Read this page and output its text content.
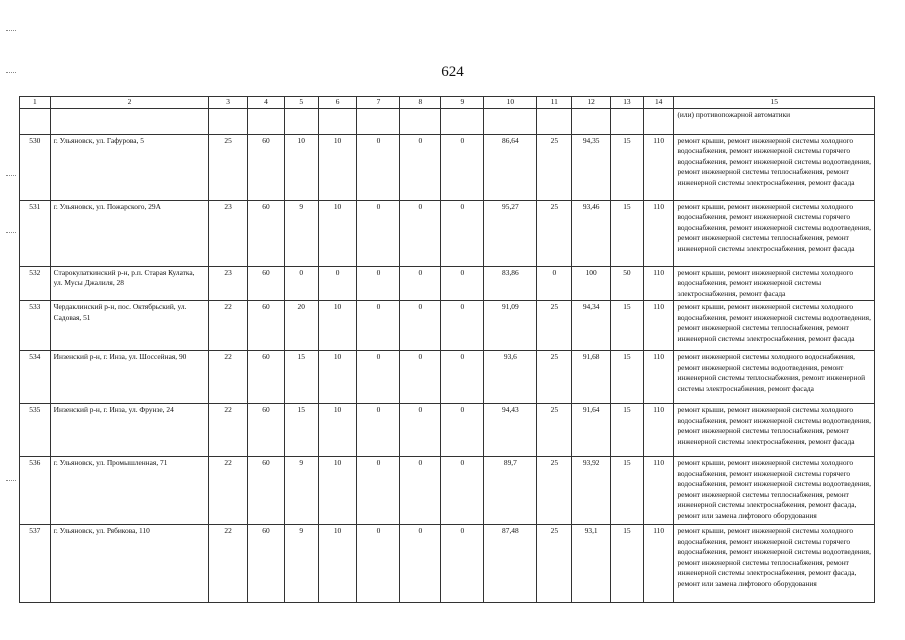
624
1	2	3	4	5	6	7	8	9	10	11	12	13	14	15
														(или) противопожарной автоматики
530	г. Ульяновск, ул. Гафурова, 5	25	60	10	10	0	0	0	86,64	25	94,35	15	110	ремонт крыши, ремонт инженерной системы холодного водоснабжения, ремонт инженерной системы горячего водоснабжения, ремонт инженерной системы водоотведения, ремонт инженерной системы теплоснабжения, ремонт инженерной системы электроснабжения, ремонт фасада
531	г. Ульяновск, ул. Пожарского, 29А	23	60	9	10	0	0	0	95,27	25	93,46	15	110	ремонт крыши, ремонт инженерной системы холодного водоснабжения, ремонт инженерной системы горячего водоснабжения, ремонт инженерной системы водоотведения, ремонт инженерной системы теплоснабжения, ремонт инженерной системы электроснабжения, ремонт фасада
532	Старокулаткинский р-н, р.п. Старая Кулатка, ул. Мусы Джалиля, 28	23	60	0	0	0	0	0	83,86	0	100	50	110	ремонт крыши, ремонт инженерной системы холодного водоснабжения, ремонт инженерной системы электроснабжения, ремонт фасада
533	Чердаклинский р-н, пос. Октябрьский, ул. Садовая, 51	22	60	20	10	0	0	0	91,09	25	94,34	15	110	ремонт крыши, ремонт инженерной системы холодного водоснабжения, ремонт инженерной системы водоотведения, ремонт инженерной системы теплоснабжения, ремонт инженерной системы электроснабжения, ремонт фасада
534	Инзенский р-н, г. Инза, ул. Шоссейная, 90	22	60	15	10	0	0	0	93,6	25	91,68	15	110	ремонт инженерной системы холодного водоснабжения, ремонт инженерной системы водоотведения, ремонт инженерной системы теплоснабжения, ремонт инженерной системы электроснабжения, ремонт фасада
535	Инзенский р-н, г. Инза, ул. Фрунзе, 24	22	60	15	10	0	0	0	94,43	25	91,64	15	110	ремонт крыши, ремонт инженерной системы холодного водоснабжения, ремонт инженерной системы водоотведения, ремонт инженерной системы теплоснабжения, ремонт инженерной системы электроснабжения, ремонт фасада
536	г. Ульяновск, ул. Промышленная, 71	22	60	9	10	0	0	0	89,7	25	93,92	15	110	ремонт крыши, ремонт инженерной системы холодного водоснабжения, ремонт инженерной системы горячего водоснабжения, ремонт инженерной системы водоотведения, ремонт инженерной системы теплоснабжения, ремонт инженерной системы электроснабжения, ремонт фасада, ремонт или замена лифтового оборудования
537	г. Ульяновск, ул. Рябикова, 110	22	60	9	10	0	0	0	87,48	25	93,1	15	110	ремонт крыши, ремонт инженерной системы холодного водоснабжения, ремонт инженерной системы горячего водоснабжения, ремонт инженерной системы водоотведения, ремонт инженерной системы теплоснабжения, ремонт инженерной системы электроснабжения, ремонт фасада, ремонт или замена лифтового оборудования
